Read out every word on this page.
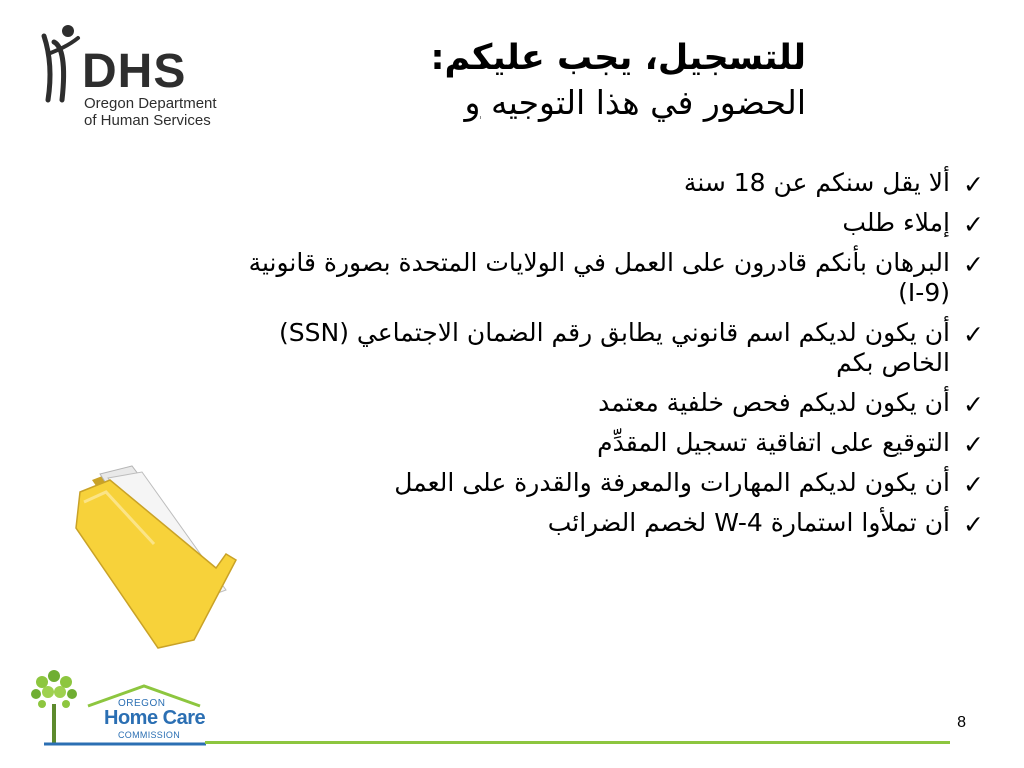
DHS
Oregon Department
of Human Services
للتسجيل، يجب عليكم:
الحضور في هذا التوجيه و
✓
ألا يقل سنكم عن 18 سنة
✓
إملاء طلب
✓
البرهان بأنكم قادرون على العمل في الولايات المتحدة بصورة قانونية
(I-9)
✓
أن يكون لديكم اسم قانوني يطابق رقم الضمان الاجتماعي (SSN)
الخاص بكم
✓
أن يكون لديكم فحص خلفية معتمد
✓
التوقيع على اتفاقية تسجيل المقدِّم
✓
أن يكون لديكم المهارات والمعرفة والقدرة على العمل
✓
أن تملأوا استمارة W-4 لخصم الضرائب
OREGON
Home Care
COMMISSION
8
